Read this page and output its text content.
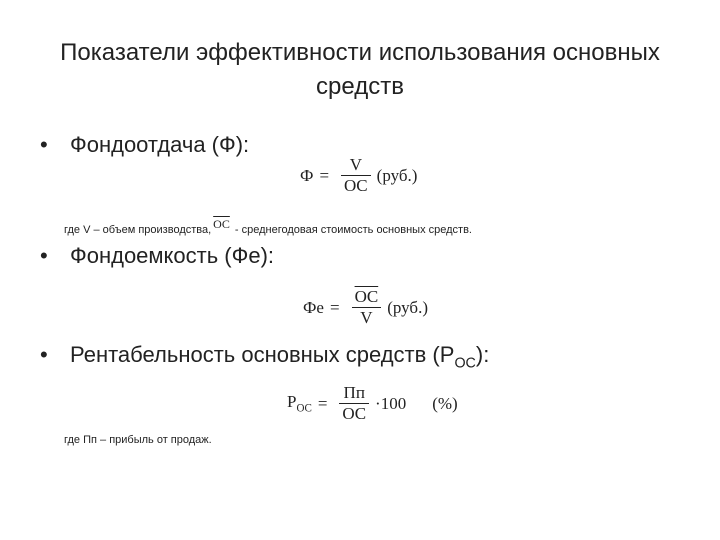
Показатели эффективности использования основных
средств
• Фондоотдача (Ф):
$Ф = \frac{V}{OC} (руб.)$
где V – объем производства, $\overline{OC}$ - среднегодовая стоимость основных средств.
• Фондоемкость (Фе):
Фе = $\frac{\overline{OC}}{V} (руб.)$
• Рентабельность основных средств $(Р_{ОС})$:
$P_{OC} = \frac{Пп}{OC} \cdot 100$ (%)
где Пп – прибыль от продаж.
